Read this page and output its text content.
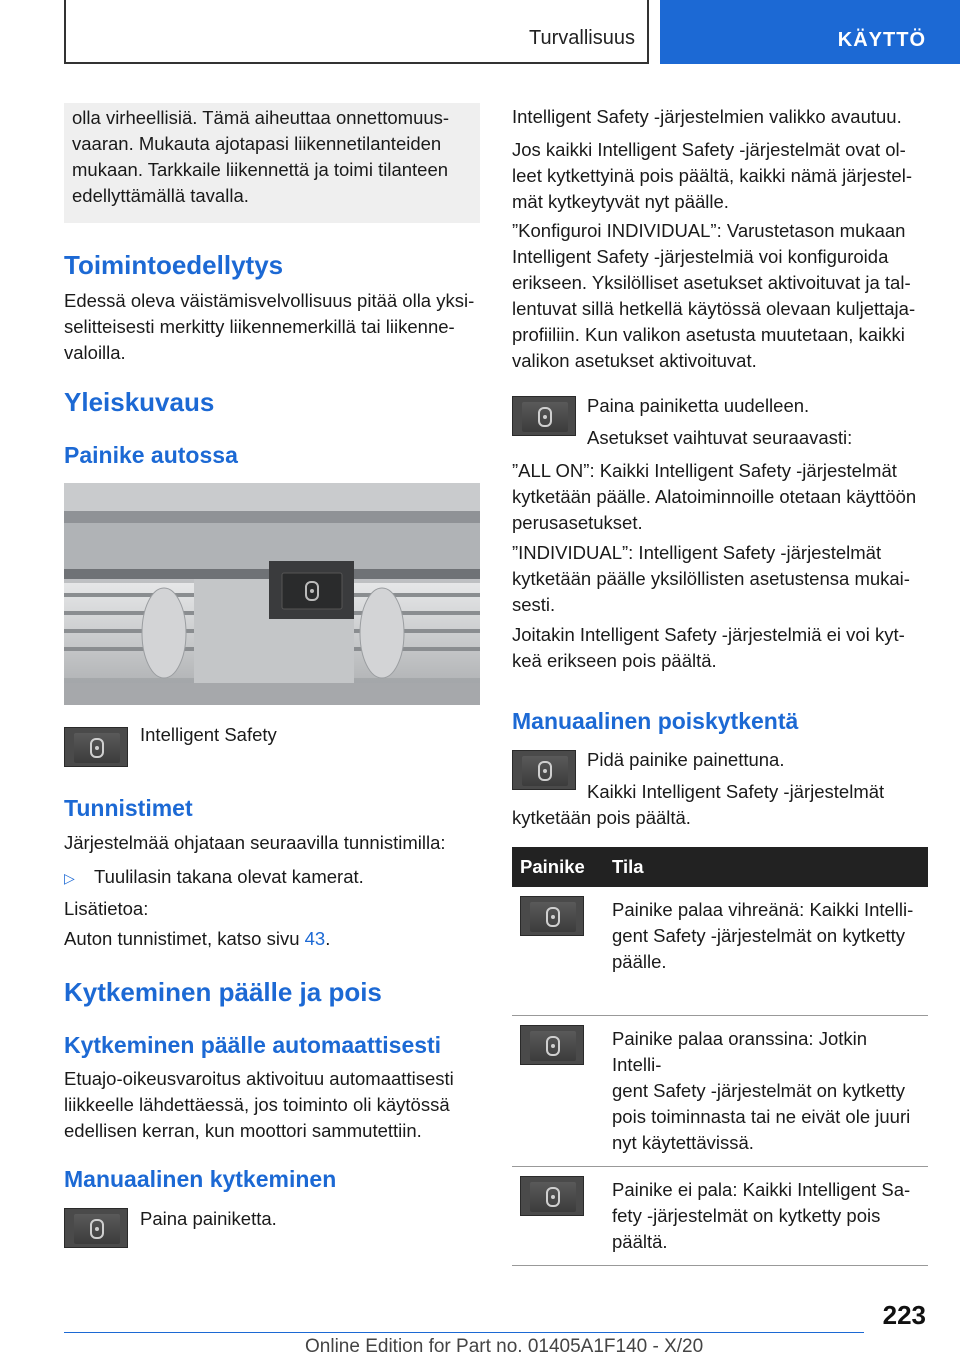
Turvallisuus	KÄYTTÖ

olla virheellisiä. Tämä aiheuttaa onnettomuus-

vaaran. Mukauta ajotapasi liikennetilanteiden

mukaan. Tarkkaile liikennettä ja toimi tilanteen

edellyttämällä tavalla.

Toimintoedellytys

Edessä oleva väistämisvelvollisuus pitää olla yksi-

selitteisesti merkitty liikennemerkillä tai liikenne-

valoilla.

Yleiskuvaus
Painike autossa

Intelligent Safety

Tunnistimet

Järjestelmää ohjataan seuraavilla tunnistimilla:

▷ Tuulilasin takana olevat kamerat.

Lisätietoa:

Auton tunnistimet, katso sivu 43.

Kytkeminen päälle ja pois
Kytkeminen päälle automaattisesti

Etuajo-oikeusvaroitus aktivoituu automaattisesti

liikkeelle lähdettäessä, jos toiminto oli käytössä

edellisen kerran, kun moottori sammutettiin.

Manuaalinen kytkeminen

Paina painiketta.

Intelligent Safety -järjestelmien valikko avautuu.

Jos kaikki Intelligent Safety -järjestelmät ovat ol-

leet kytkettyinä pois päältä, kaikki nämä järjestel-

mät kytkeytyvät nyt päälle.

”Konfiguroi INDIVIDUAL”: Varustetason mukaan

Intelligent Safety -järjestelmiä voi konfiguroida

erikseen. Yksilölliset asetukset aktivoituvat ja tal-

lentuvat sillä hetkellä käytössä olevaan kuljettaja-

profiiliin. Kun valikon asetusta muutetaan, kaikki

valikon asetukset aktivoituvat.

Paina painiketta uudelleen.

Asetukset vaihtuvat seuraavasti:

”ALL ON”: Kaikki Intelligent Safety -järjestelmät

kytketään päälle. Alatoiminnoille otetaan käyttöön

perusasetukset.

”INDIVIDUAL”: Intelligent Safety -järjestelmät

kytketään päälle yksilöllisten asetustensa mukai-

sesti.

Joitakin Intelligent Safety -järjestelmiä ei voi kyt-

keä erikseen pois päältä.

Manuaalinen poiskytkentä

Pidä painike painettuna.

Kaikki Intelligent Safety -järjestelmät

kytketään pois päältä.

Painike	Tila

Painike palaa vihreänä: Kaikki Intelli-
gent Safety -järjestelmät on kytketty
päälle.

Painike palaa oranssina: Jotkin Intelli-
gent Safety -järjestelmät on kytketty
pois toiminnasta tai ne eivät ole juuri
nyt käytettävissä.

Painike ei pala: Kaikki Intelligent Sa-
fety -järjestelmät on kytketty pois
päältä.
223
Online Edition for Part no. 01405A1F140 - X/20
